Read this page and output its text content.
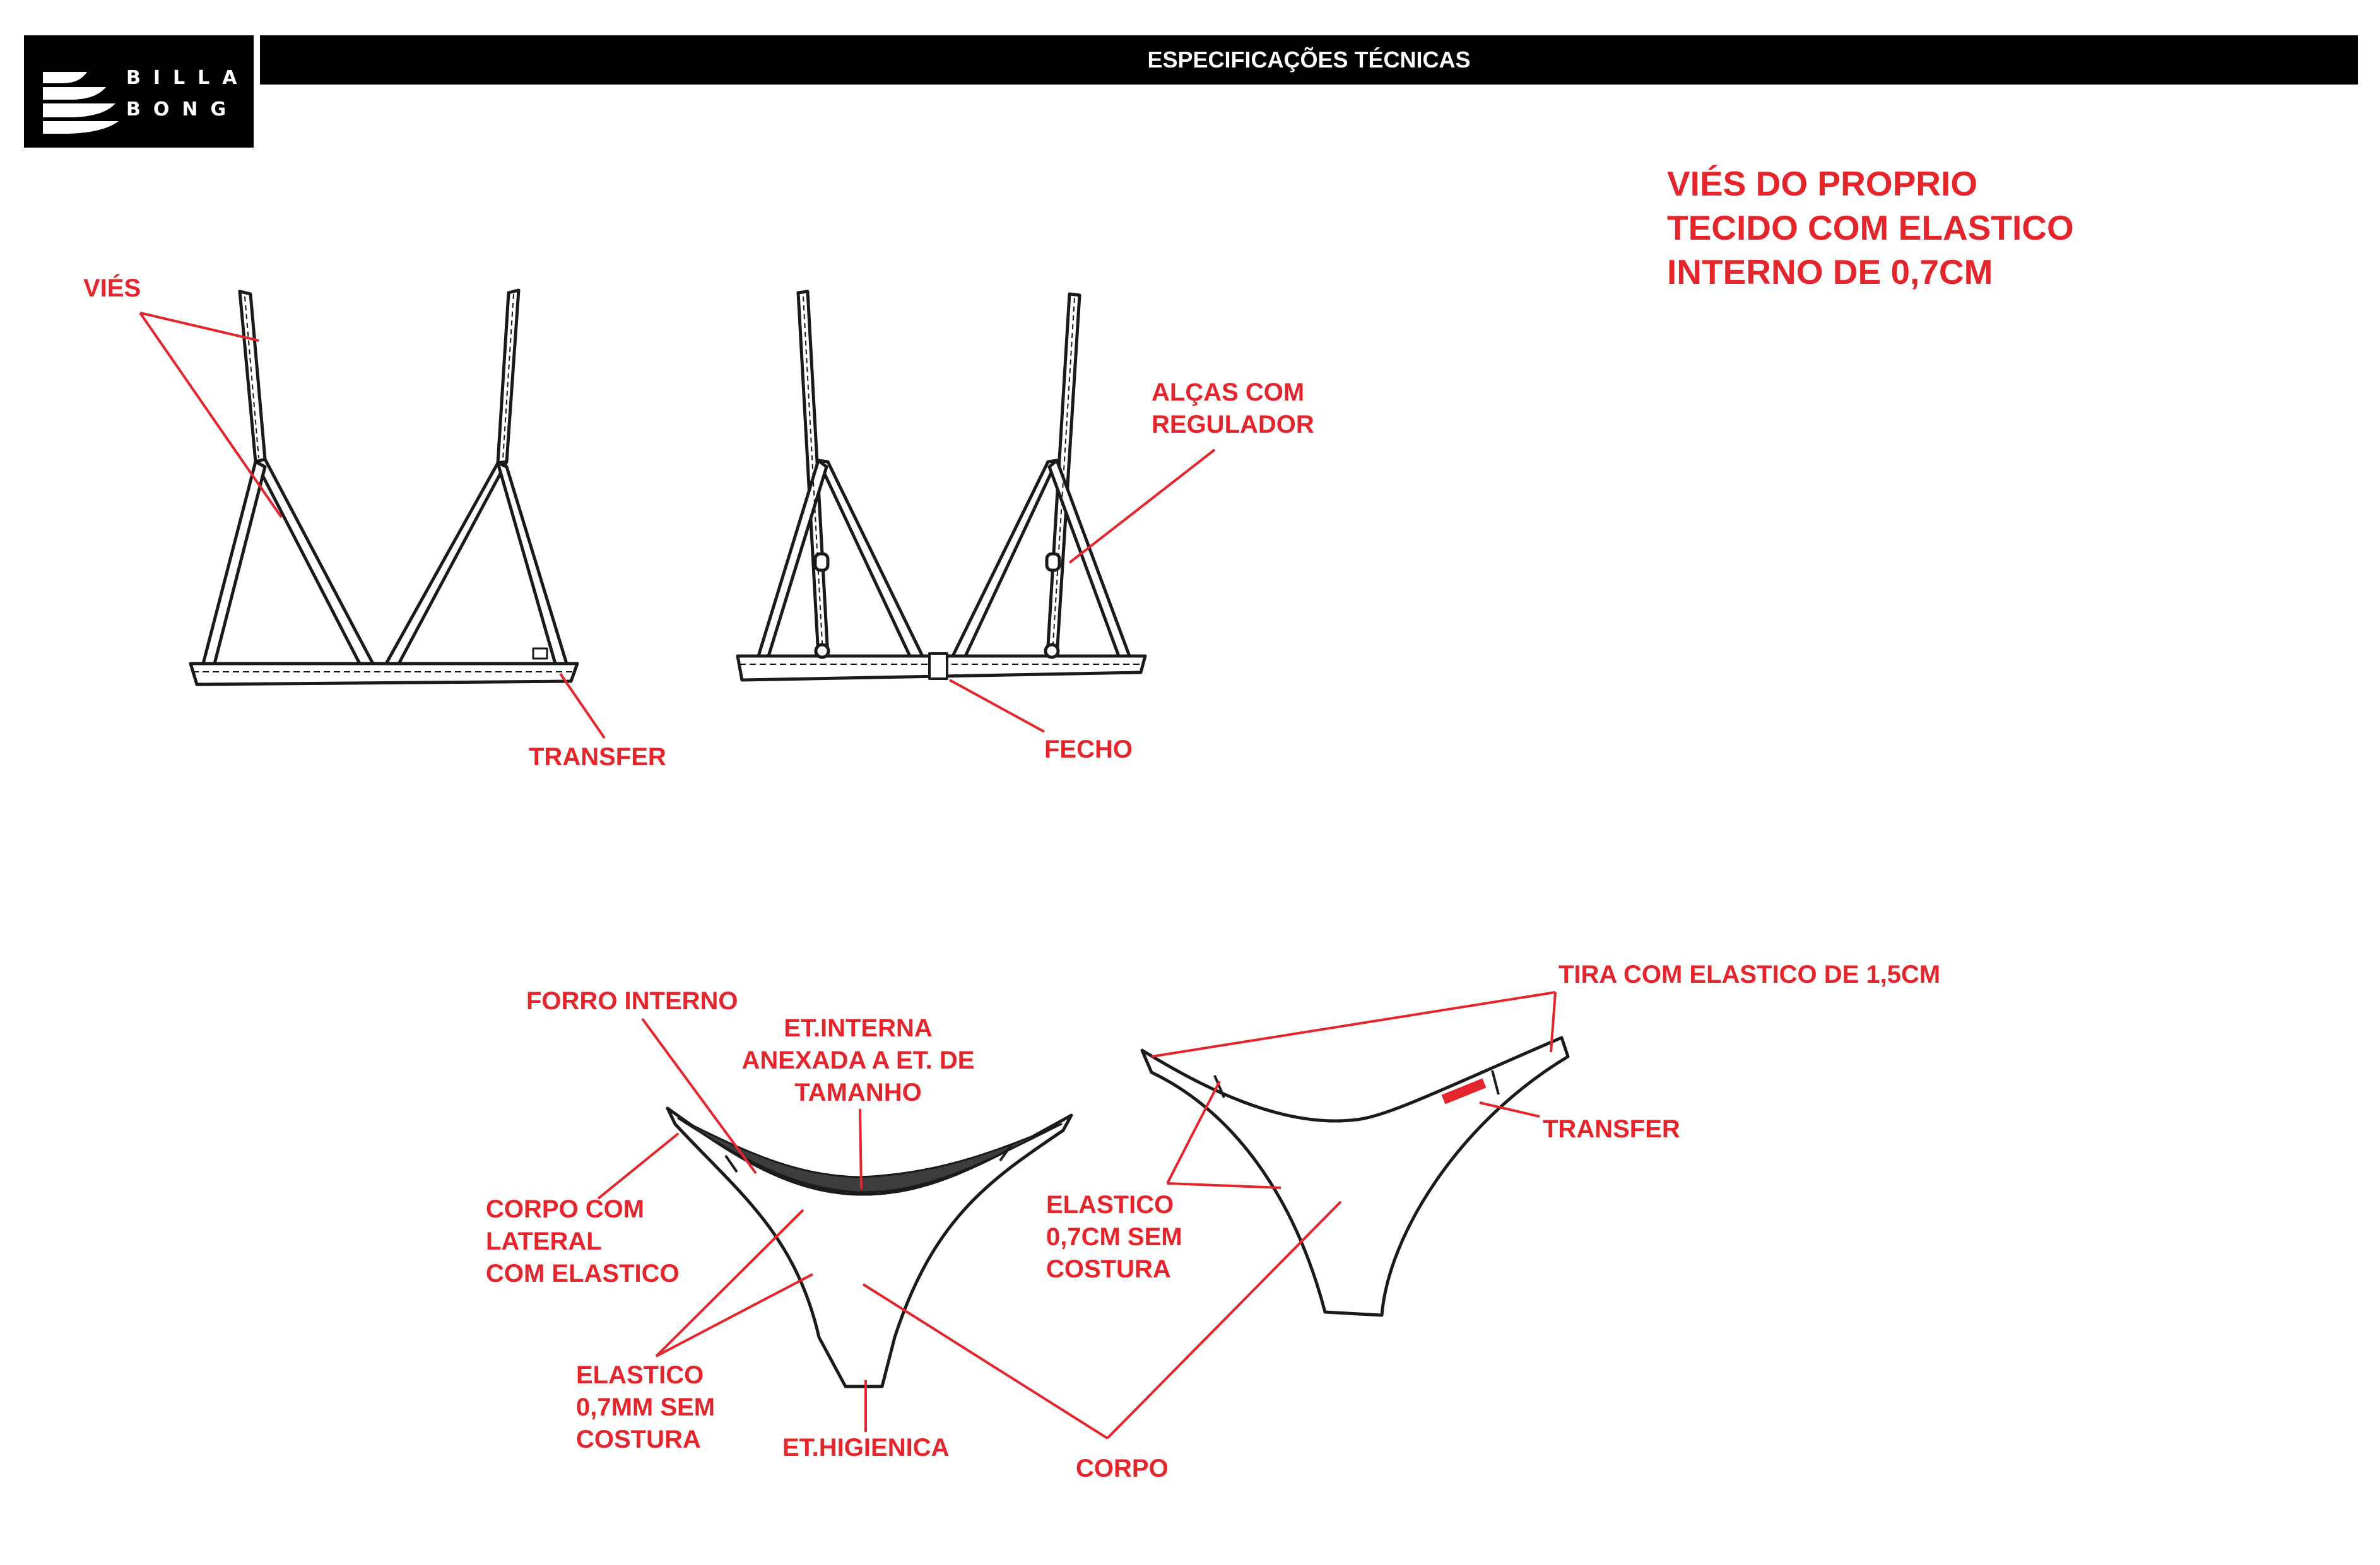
BILLA
BONG
ESPECIFICAÇÕES TÉCNICAS
VIÉS DO PROPRIO
TECIDO COM ELASTICO
INTERNO DE 0,7CM
VIÉS
TRANSFER
ALÇAS COM
REGULADOR
FECHO
FORRO INTERNO
ET.INTERNA
ANEXADA A ET. DE
TAMANHO
CORPO COM
LATERAL
COM ELASTICO
ELASTICO
0,7MM SEM
COSTURA	ET.HIGIENICA
CORPO
TIRA COM ELASTICO DE 1,5CM
TRANSFER
ELASTICO
0,7CM SEM
COSTURA
